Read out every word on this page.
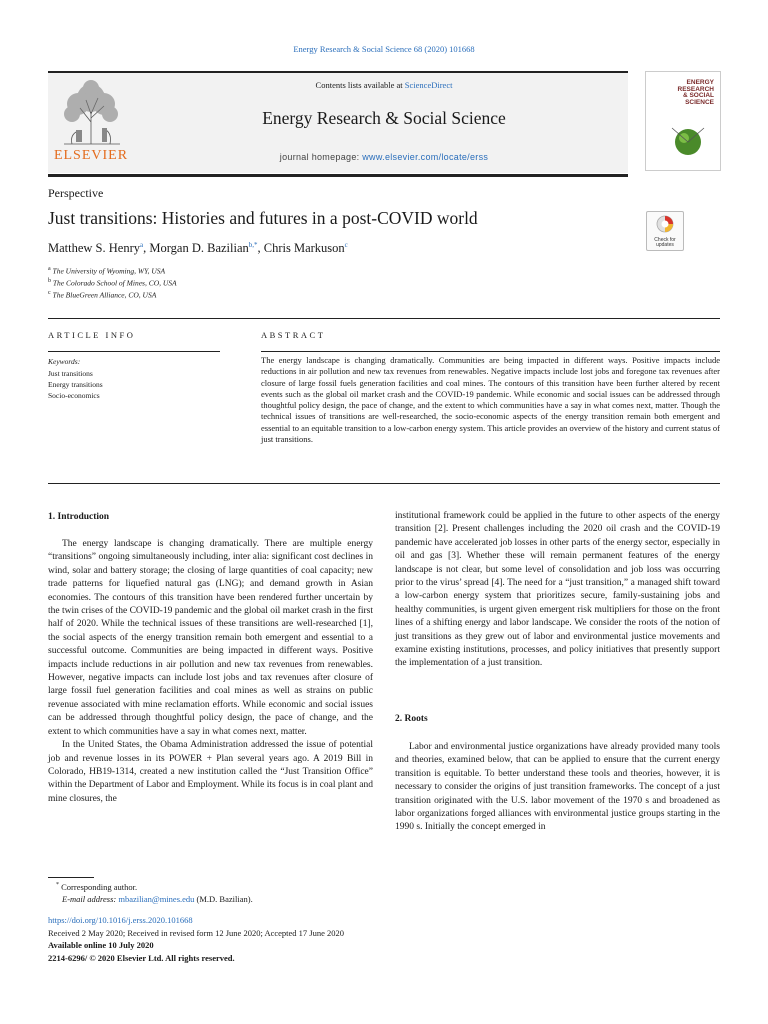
Energy Research & Social Science 68 (2020) 101668
ELSEVIER
Contents lists available at ScienceDirect
Energy Research & Social Science
journal homepage: www.elsevier.com/locate/erss
ENERGY
RESEARCH
& SOCIAL
SCIENCE
Perspective
Just transitions: Histories and futures in a post-COVID world
Matthew S. Henry$^a$, Morgan D. Bazilian$^{b,*}$, Chris Markuson$^c$
$^a$ The University of Wyoming, WY, USA
$^b$ The Colorado School of Mines, CO, USA
$^c$ The BlueGreen Alliance, CO, USA
Check for updates
ARTICLE INFO	ABSTRACT
Keywords:
Just transitions
Energy transitions
Socio-economics
The energy landscape is changing dramatically. Communities are being impacted in different ways. Positive impacts include reductions in air pollution and new tax revenues from renewables. Negative impacts include lost jobs and foregone tax revenues after closure of large fossil fuels generation facilities and coal mines. The contours of this transition have been further altered by recent events such as the global oil market crash and the COVID-19 pandemic. While economic and social issues can be addressed through thoughtful policy design, the pace of change, and the extent to which communities have a say in what comes next, matter. Though the technical issues of transitions are well-researched, the socio-economic aspects of the energy transition remain both emergent and essential to an equitable transition to a low-carbon energy system. This article provides an overview of the history and current status of just transitions.
1. Introduction

The energy landscape is changing dramatically. There are multiple energy “transitions” ongoing simultaneously including, inter alia: significant cost declines in wind, solar and battery storage; the closing of large quantities of coal capacity; new trade patterns for liquefied natural gas (LNG); and demand growth in Asian economies. The contours of this transition have been rendered further uncertain by the twin crises of the COVID-19 pandemic and the global oil market crash in the first half of 2020. While the technical issues of these transitions are well-researched [1], the social aspects of the energy transition remain both emergent and essential to a successful outcome. Communities are being impacted in different ways. Positive impacts include reductions in air pollution and new tax revenues from renewables. However, negative impacts can include lost jobs and tax revenues after closure of large fossil fuel generation facilities and coal mines as well as strains on public revenue associated with mine reclamation efforts. While economic and social issues can be addressed through thoughtful policy design, the pace of change, and the extent to which communities have a say in what comes next, matter.

In the United States, the Obama Administration addressed the issue of potential job and revenue losses in its POWER + Plan several years ago. A 2019 Bill in Colorado, HB19-1314, created a new institution called the “Just Transition Office” within the Department of Labor and Employment. While its focus is in coal plant and mine closures, the

institutional framework could be applied in the future to other aspects of the energy transition [2]. Present challenges including the 2020 oil crash and the COVID-19 pandemic have accelerated job losses in other parts of the energy sector, especially in oil and gas [3]. Whether these will remain permanent features of the energy landscape is not clear, but some level of consolidation and job loss was occurring prior to the virus’ spread [4]. The need for a “just transition,” a managed shift toward a low-carbon energy system that prioritizes secure, family-sustaining jobs and healthy communities, is urgent given emergent risk multipliers for those on the front lines of a shifting energy and labor landscape. We consider the roots of the notion of just transitions as they grew out of labor and environmental justice movements and examine existing institutions, processes, and policy initiatives that presently support the implementation of a just transition.

2. Roots

Labor and environmental justice organizations have already provided many tools and theories, examined below, that can be applied to ensure that the current energy transition is equitable. To better understand these tools and theories, however, it is necessary to consider the origins of just transition frameworks. The concept of a just transition originated with the U.S. labor movement of the 1970 s and broadened as labor organizations forged alliances with environmental justice groups starting in the 1990 s. Initially the concept emerged in

* Corresponding author.
E-mail address: mbazilian@mines.edu (M.D. Bazilian).
https://doi.org/10.1016/j.erss.2020.101668
Received 2 May 2020; Received in revised form 12 June 2020; Accepted 17 June 2020
Available online 10 July 2020
2214-6296/ © 2020 Elsevier Ltd. All rights reserved.
